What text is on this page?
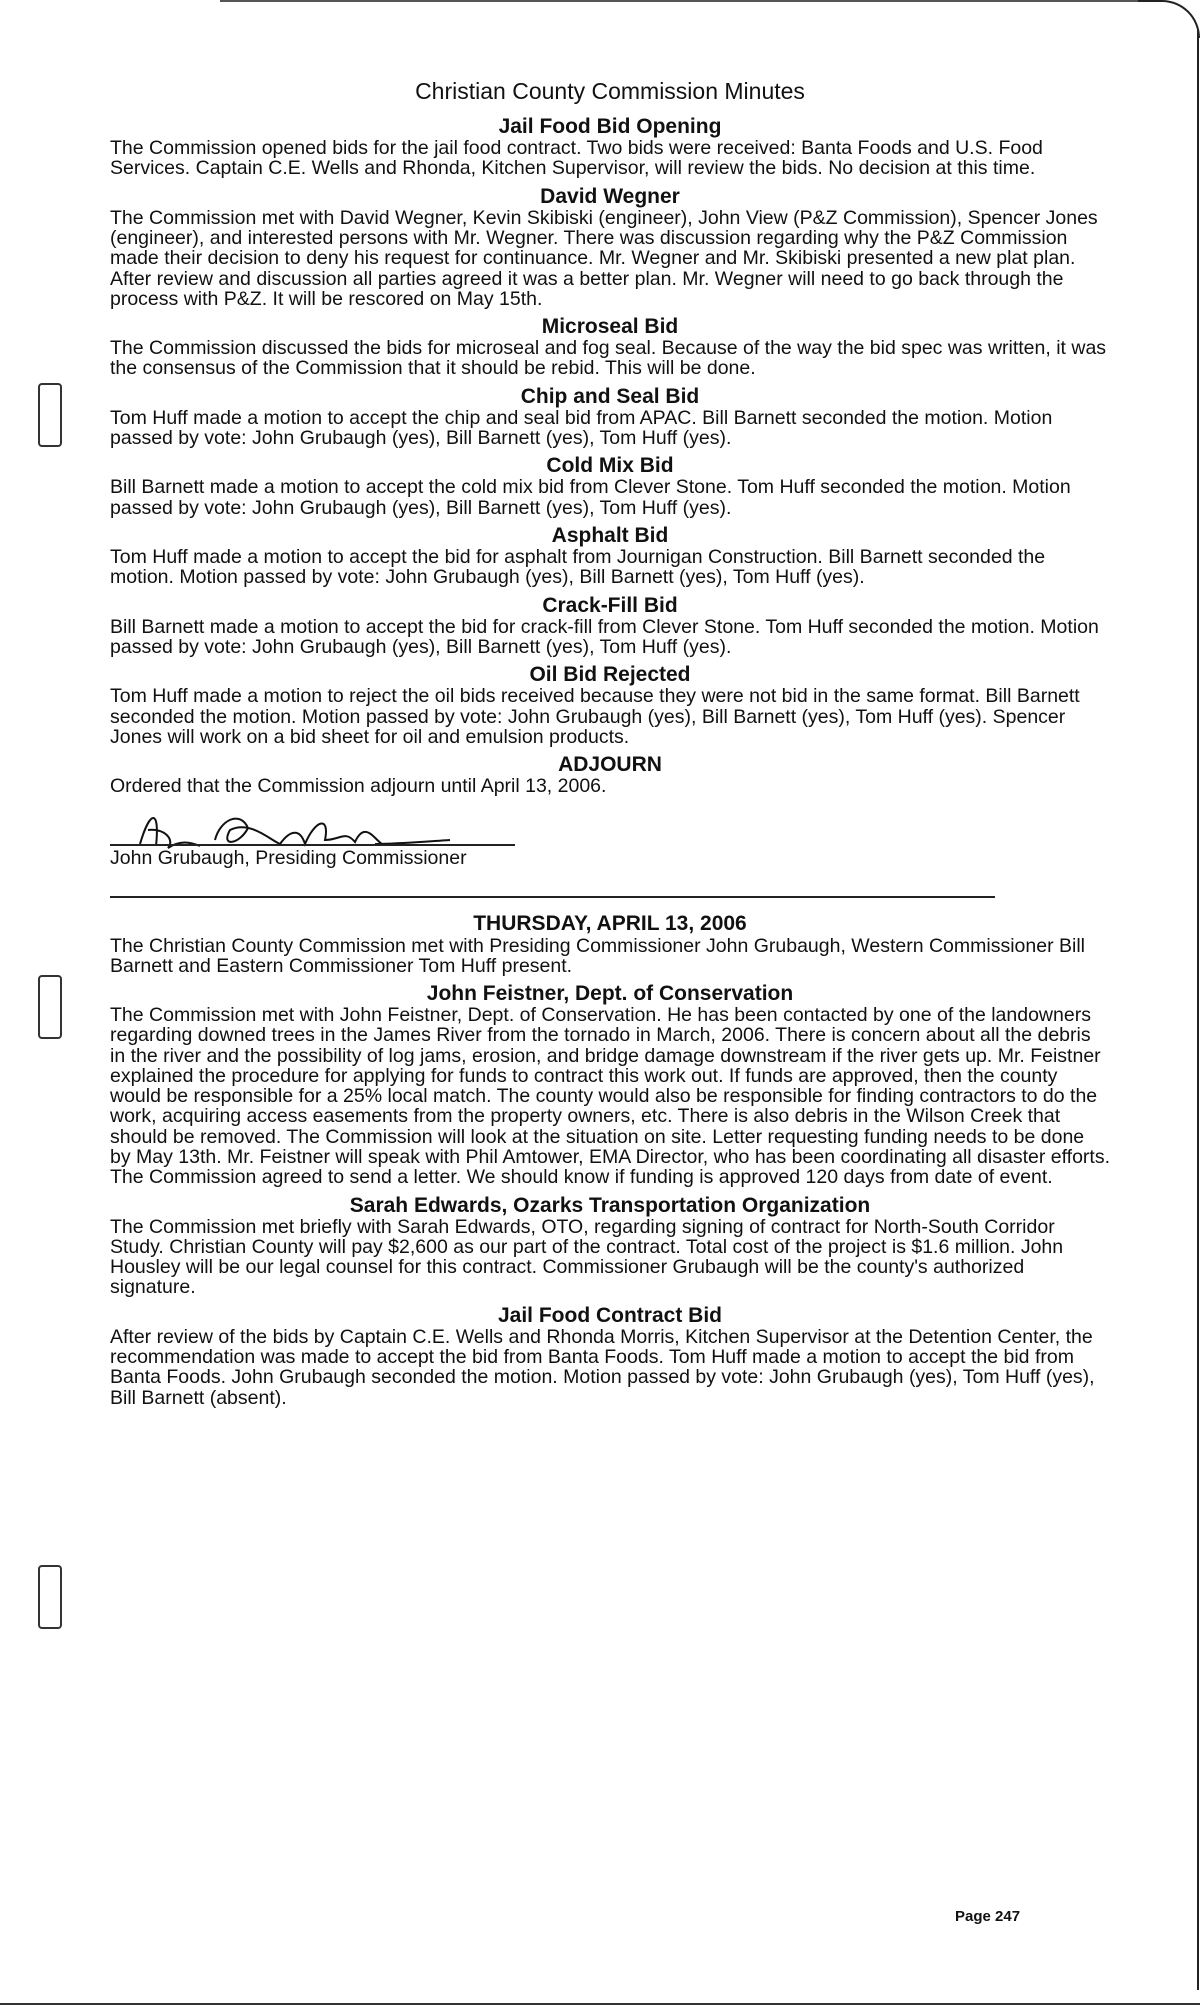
Christian County Commission Minutes
Jail Food Bid Opening

The Commission opened bids for the jail food contract. Two bids were received: Banta Foods and U.S. Food Services. Captain C.E. Wells and Rhonda, Kitchen Supervisor, will review the bids. No decision at this time.

David Wegner

The Commission met with David Wegner, Kevin Skibiski (engineer), John View (P&Z Commission), Spencer Jones (engineer), and interested persons with Mr. Wegner. There was discussion regarding why the P&Z Commission made their decision to deny his request for continuance. Mr. Wegner and Mr. Skibiski presented a new plat plan. After review and discussion all parties agreed it was a better plan. Mr. Wegner will need to go back through the process with P&Z. It will be rescored on May 15th.

Microseal Bid

The Commission discussed the bids for microseal and fog seal. Because of the way the bid spec was written, it was the consensus of the Commission that it should be rebid. This will be done.

Chip and Seal Bid

Tom Huff made a motion to accept the chip and seal bid from APAC. Bill Barnett seconded the motion. Motion passed by vote: John Grubaugh (yes), Bill Barnett (yes), Tom Huff (yes).

Cold Mix Bid

Bill Barnett made a motion to accept the cold mix bid from Clever Stone. Tom Huff seconded the motion. Motion passed by vote: John Grubaugh (yes), Bill Barnett (yes), Tom Huff (yes).

Asphalt Bid

Tom Huff made a motion to accept the bid for asphalt from Journigan Construction. Bill Barnett seconded the motion. Motion passed by vote: John Grubaugh (yes), Bill Barnett (yes), Tom Huff (yes).

Crack-Fill Bid

Bill Barnett made a motion to accept the bid for crack-fill from Clever Stone. Tom Huff seconded the motion. Motion passed by vote: John Grubaugh (yes), Bill Barnett (yes), Tom Huff (yes).

Oil Bid Rejected

Tom Huff made a motion to reject the oil bids received because they were not bid in the same format. Bill Barnett seconded the motion. Motion passed by vote: John Grubaugh (yes), Bill Barnett (yes), Tom Huff (yes). Spencer Jones will work on a bid sheet for oil and emulsion products.

ADJOURN

Ordered that the Commission adjourn until April 13, 2006.

John Grubaugh, Presiding Commissioner
THURSDAY, APRIL 13, 2006

The Christian County Commission met with Presiding Commissioner John Grubaugh, Western Commissioner Bill Barnett and Eastern Commissioner Tom Huff present.

John Feistner, Dept. of Conservation

The Commission met with John Feistner, Dept. of Conservation. He has been contacted by one of the landowners regarding downed trees in the James River from the tornado in March, 2006. There is concern about all the debris in the river and the possibility of log jams, erosion, and bridge damage downstream if the river gets up. Mr. Feistner explained the procedure for applying for funds to contract this work out. If funds are approved, then the county would be responsible for a 25% local match. The county would also be responsible for finding contractors to do the work, acquiring access easements from the property owners, etc. There is also debris in the Wilson Creek that should be removed. The Commission will look at the situation on site. Letter requesting funding needs to be done by May 13th. Mr. Feistner will speak with Phil Amtower, EMA Director, who has been coordinating all disaster efforts. The Commission agreed to send a letter. We should know if funding is approved 120 days from date of event.

Sarah Edwards, Ozarks Transportation Organization

The Commission met briefly with Sarah Edwards, OTO, regarding signing of contract for North-South Corridor Study. Christian County will pay $2,600 as our part of the contract. Total cost of the project is $1.6 million. John Housley will be our legal counsel for this contract. Commissioner Grubaugh will be the county's authorized signature.

Jail Food Contract Bid

After review of the bids by Captain C.E. Wells and Rhonda Morris, Kitchen Supervisor at the Detention Center, the recommendation was made to accept the bid from Banta Foods. Tom Huff made a motion to accept the bid from Banta Foods. John Grubaugh seconded the motion. Motion passed by vote: John Grubaugh (yes), Tom Huff (yes), Bill Barnett (absent).

Page 247
